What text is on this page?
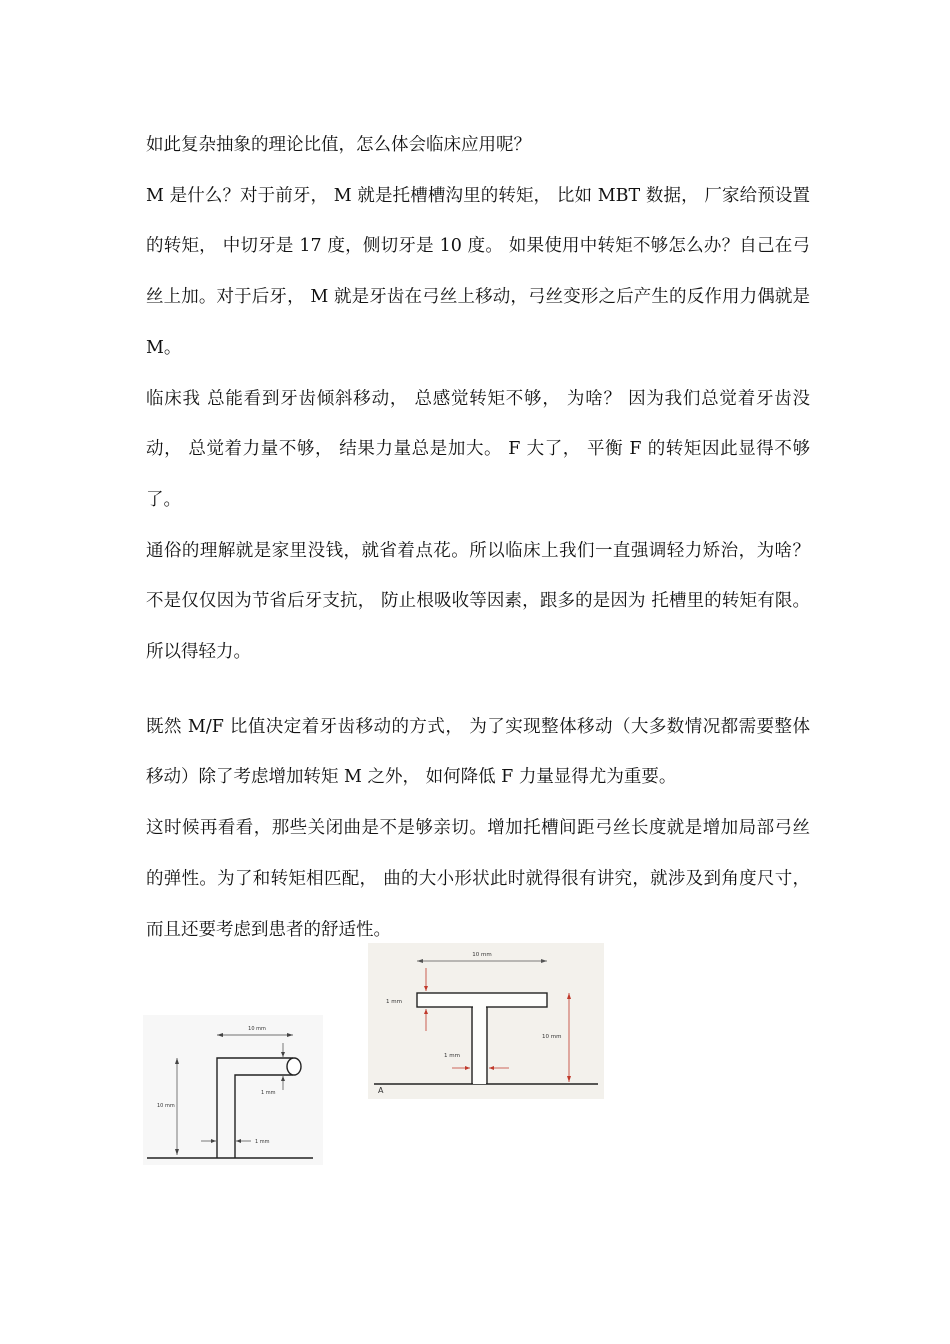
如此复杂抽象的理论比值，怎么体会临床应用呢？

M 是什么？对于前牙， M 就是托槽槽沟里的转矩， 比如 MBT 数据， 厂家给预设置的转矩， 中切牙是 17 度，侧切牙是 10 度。 如果使用中转矩不够怎么办？自己在弓丝上加。对于后牙， M 就是牙齿在弓丝上移动，弓丝变形之后产生的反作用力偶就是 M。

临床我 总能看到牙齿倾斜移动， 总感觉转矩不够， 为啥？ 因为我们总觉着牙齿没动， 总觉着力量不够， 结果力量总是加大。 F 大了， 平衡 F 的转矩因此显得不够了。

通俗的理解就是家里没钱，就省着点花。所以临床上我们一直强调轻力矫治，为啥？不是仅仅因为节省后牙支抗， 防止根吸收等因素，跟多的是因为 托槽里的转矩有限。所以得轻力。

既然 M/F 比值决定着牙齿移动的方式， 为了实现整体移动（大多数情况都需要整体移动）除了考虑增加转矩 M 之外， 如何降低 F 力量显得尤为重要。

这时候再看看，那些关闭曲是不是够亲切。增加托槽间距弓丝长度就是增加局部弓丝的弹性。为了和转矩相匹配， 曲的大小形状此时就得很有讲究，就涉及到角度尺寸，而且还要考虑到患者的舒适性。

10 mm
10 mm
1 mm
1 mm
10 mm
1 mm
10 mm
1 mm
A
